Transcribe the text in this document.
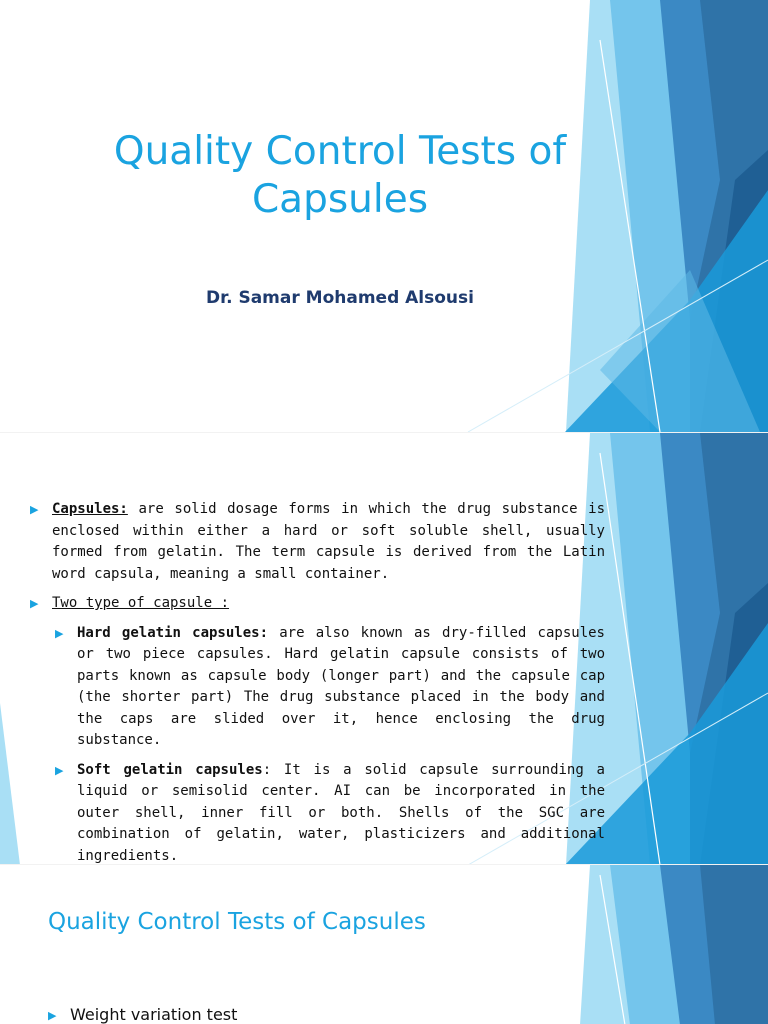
Quality Control Tests of Capsules
Dr. Samar Mohamed Alsousi
▶ Capsules: are solid dosage forms in which the drug substance is enclosed within either a hard or soft soluble shell, usually formed from gelatin. The term capsule is derived from the Latin word capsula, meaning a small container.
▶ Two type of capsule :
▶ Hard gelatin capsules: are also known as dry-filled capsules or two piece capsules. Hard gelatin capsule consists of two parts known as capsule body (longer part) and the capsule cap (the shorter part) The drug substance placed in the body and the caps are slided over it, hence enclosing the drug substance.
▶ Soft gelatin capsules: It is a solid capsule surrounding a liquid or semisolid center. AI can be incorporated in the outer shell, inner fill or both. Shells of the SGC are combination of gelatin, water, plasticizers and additional ingredients.
Quality Control Tests of Capsules
▶ Weight variation test
